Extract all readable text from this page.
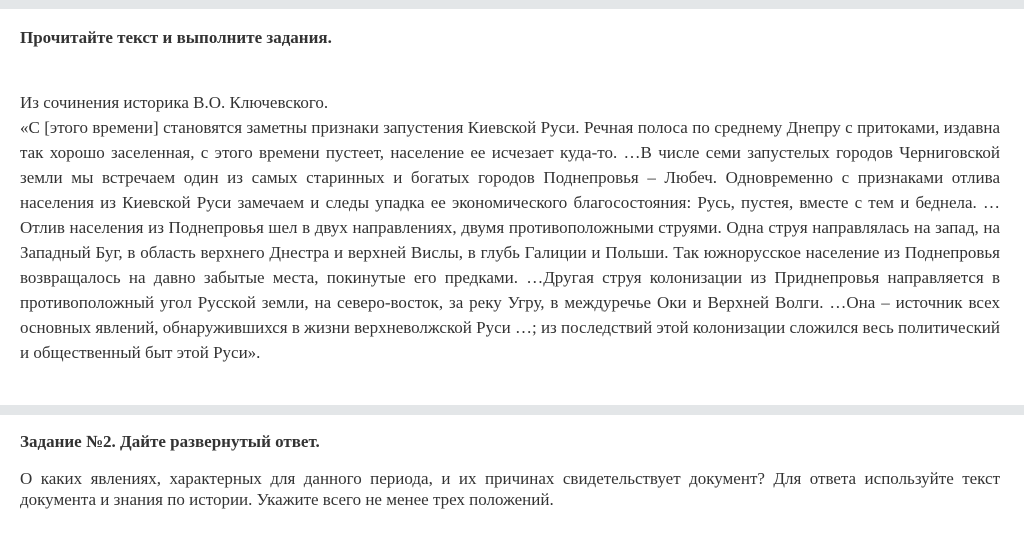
Прочитайте текст и выполните задания.

Из сочинения историка В.О. Ключевского.

«С [этого времени] становятся заметны признаки запустения Киевской Руси. Речная полоса по среднему Днепру с притоками, издавна так хорошо заселенная, с этого времени пустеет, население ее исчезает куда-то. …В числе семи запустелых городов Черниговской земли мы встречаем один из самых старинных и богатых городов Поднепровья – Любеч. Одновременно с признаками отлива населения из Киевской Руси замечаем и следы упадка ее экономического благосостояния: Русь, пустея, вместе с тем и беднела. …Отлив населения из Поднепровья шел в двух направлениях, двумя противоположными струями. Одна струя направлялась на запад, на Западный Буг, в область верхнего Днестра и верхней Вислы, в глубь Галиции и Польши. Так южнорусское население из Поднепровья возвращалось на давно забытые места, покинутые его предками. …Другая струя колонизации из Приднепровья направляется в противоположный угол Русской земли, на северо-восток, за реку Угру, в междуречье Оки и Верхней Волги. …Она – источник всех основных явлений, обнаружившихся в жизни верхневолжской Руси …; из последствий этой колонизации сложился весь политический и общественный быт этой Руси».

Задание №2. Дайте развернутый ответ.

О каких явлениях, характерных для данного периода, и их причинах свидетельствует документ? Для ответа используйте текст документа и знания по истории. Укажите всего не менее трех положений.
